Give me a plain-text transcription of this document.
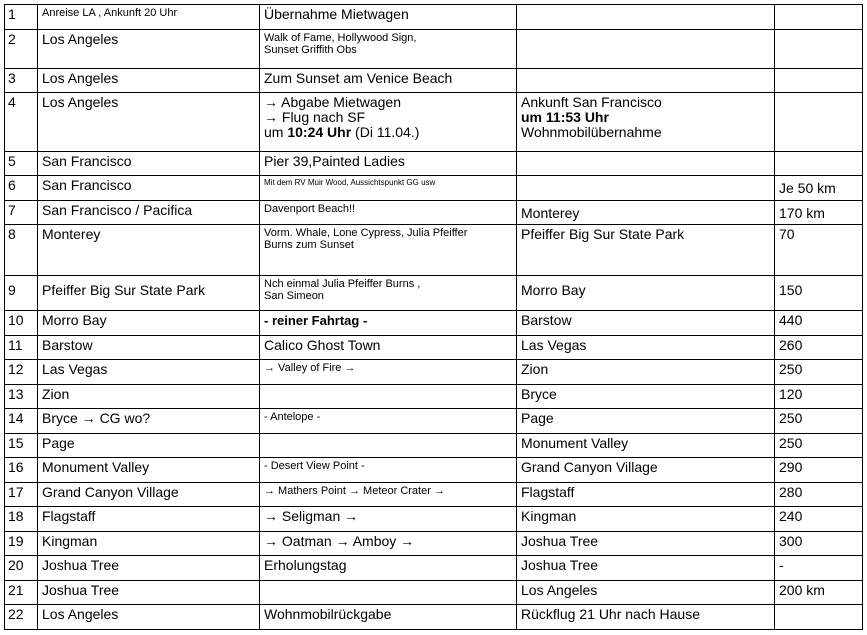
1	Anreise LA , Ankunft 20 Uhr	Übernahme Mietwagen		
2	Los Angeles	Walk of Fame, Hollywood Sign,
Sunset Griffith Obs		

3	Los Angeles	Zum Sunset am Venice Beach		
4	Los Angeles	→ Abgabe Mietwagen
→ Flug nach SF
um 10:24 Uhr (Di 11.04.)	Ankunft San Francisco
um 11:53 Uhr
Wohnmobilübernahme	

5	San Francisco	Pier 39,Painted Ladies		
6	San Francisco	Mit dem RV Muir Wood, Aussichtspunkt GG usw		Je 50 km
7	San Francisco / Pacifica	Davenport Beach!!	Monterey	170 km
8	Monterey	Vorm. Whale, Lone Cypress, Julia Pfeiffer
Burns zum Sunset	Pfeiffer Big Sur State Park	70
9	Pfeiffer Big Sur State Park	Nch einmal Julia Pfeiffer Burns ,
San Simeon	Morro Bay	150
10	Morro Bay	- reiner Fahrtag -	Barstow	440
11	Barstow	Calico Ghost Town	Las Vegas	260
12	Las Vegas	→ Valley of Fire →	Zion	250
13	Zion		Bryce	120
14	Bryce → CG wo?	- Antelope -	Page	250
15	Page		Monument Valley	250
16	Monument Valley	- Desert View Point -	Grand Canyon Village	290
17	Grand Canyon Village	→ Mathers Point → Meteor Crater →	Flagstaff	280
18	Flagstaff	→ Seligman →	Kingman	240
19	Kingman	→ Oatman → Amboy →	Joshua Tree	300
20	Joshua Tree	Erholungstag	Joshua Tree	-
21	Joshua Tree		Los Angeles	200 km
22	Los Angeles	Wohnmobilrückgabe	Rückflug 21 Uhr nach Hause	
